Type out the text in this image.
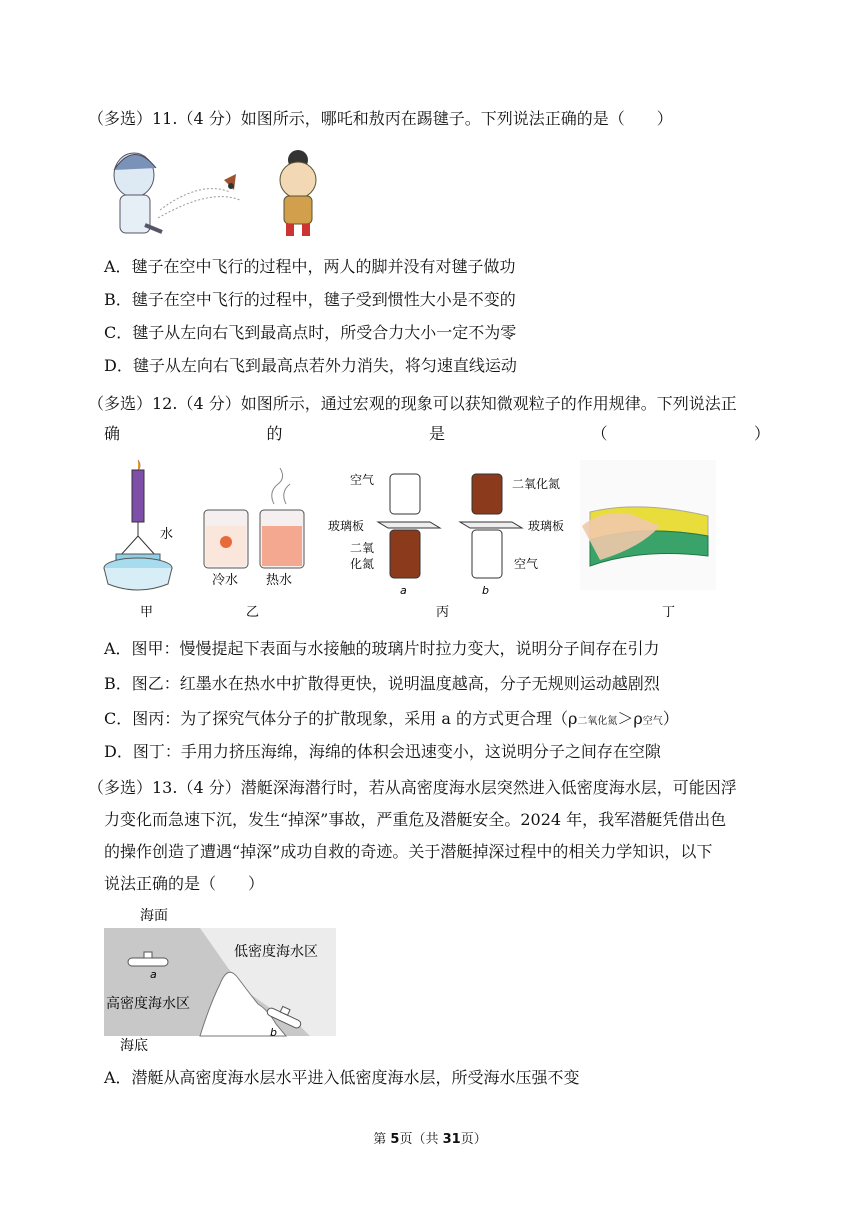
（多选）11.（4 分）如图所示，哪吒和敖丙在踢毽子。下列说法正确的是（　　）
A．毽子在空中飞行的过程中，两人的脚并没有对毽子做功
B．毽子在空中飞行的过程中，毽子受到惯性大小是不变的
C．毽子从左向右飞到最高点时，所受合力大小一定不为零
D．毽子从左向右飞到最高点若外力消失，将匀速直线运动
（多选）12.（4 分）如图所示，通过宏观的现象可以获知微观粒子的作用规律。下列说法正
确	的	是	（	）
水
甲
冷水 热水
乙
空气
玻璃板
二氧
化氮
a
二氧化氮
玻璃板
空气
b
丙	丁
A．图甲：慢慢提起下表面与水接触的玻璃片时拉力变大，说明分子间存在引力
B．图乙：红墨水在热水中扩散得更快，说明温度越高，分子无规则运动越剧烈
C．图丙：为了探究气体分子的扩散现象，采用 a 的方式更合理（ρ二氧化氮＞ρ空气）
D．图丁：手用力挤压海绵，海绵的体积会迅速变小，这说明分子之间存在空隙
（多选）13.（4 分）潜艇深海潜行时，若从高密度海水层突然进入低密度海水层，可能因浮
力变化而急速下沉，发生“掉深”事故，严重危及潜艇安全。2024 年，我军潜艇凭借出色
的操作创造了遭遇“掉深”成功自救的奇迹。关于潜艇掉深过程中的相关力学知识，以下
说法正确的是（　　）
海面
低密度海水区
高密度海水区
a
b
海底
A．潜艇从高密度海水层水平进入低密度海水层，所受海水压强不变
第 5页（共 31页）
